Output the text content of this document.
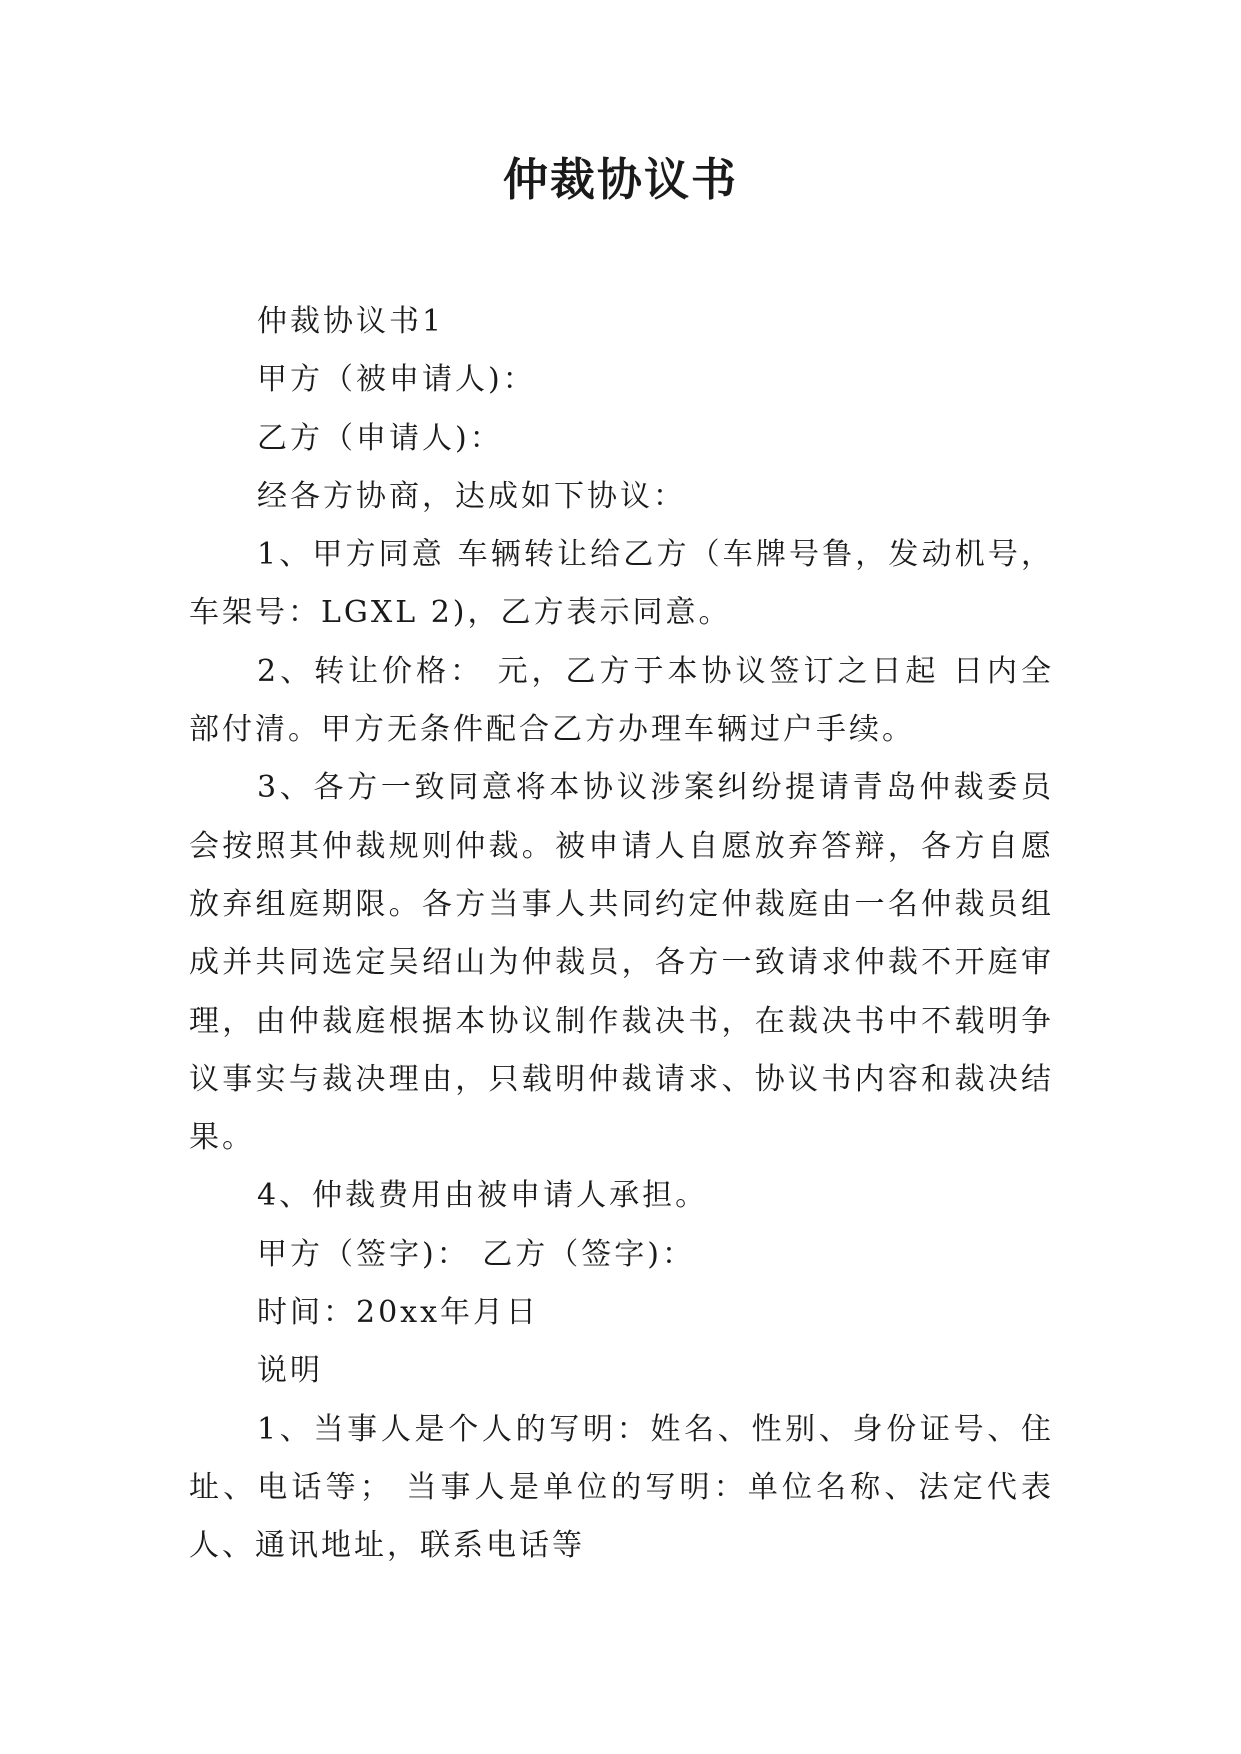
仲裁协议书

仲裁协议书1

甲方（被申请人)：

乙方（申请人)：

经各方协商，达成如下协议：

1、甲方同意 车辆转让给乙方（车牌号鲁，发动机号，车架号：LGXL 2)，乙方表示同意。

2、转让价格： 元，乙方于本协议签订之日起 日内全部付清。甲方无条件配合乙方办理车辆过户手续。

3、各方一致同意将本协议涉案纠纷提请青岛仲裁委员会按照其仲裁规则仲裁。被申请人自愿放弃答辩，各方自愿放弃组庭期限。各方当事人共同约定仲裁庭由一名仲裁员组成并共同选定吴绍山为仲裁员，各方一致请求仲裁不开庭审理，由仲裁庭根据本协议制作裁决书，在裁决书中不载明争议事实与裁决理由，只载明仲裁请求、协议书内容和裁决结果。

4、仲裁费用由被申请人承担。

甲方（签字)： 乙方（签字)：

时间：20xx年月日

说明

1、当事人是个人的写明：姓名、性别、身份证号、住址、电话等； 当事人是单位的写明：单位名称、法定代表人、通讯地址，联系电话等
